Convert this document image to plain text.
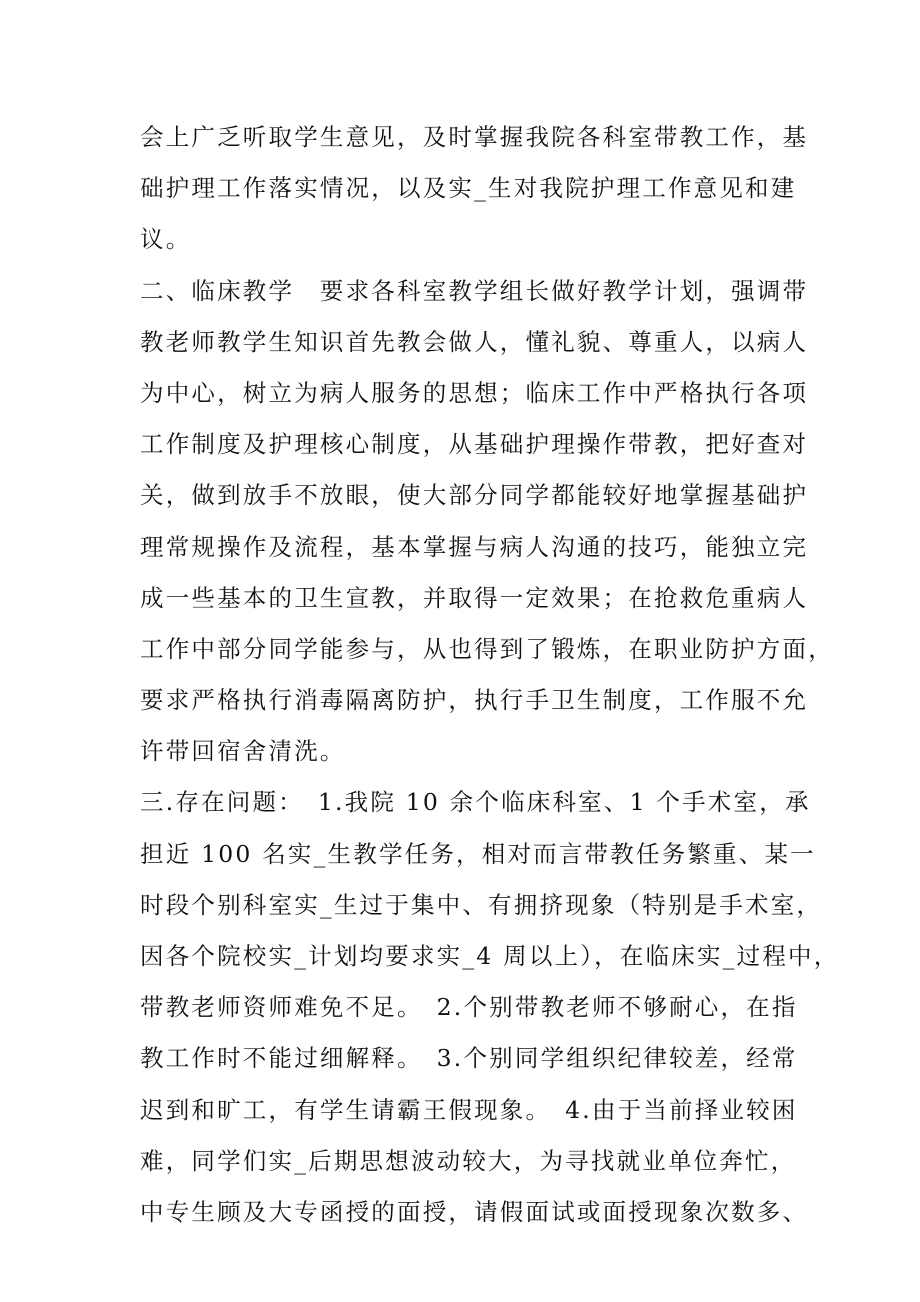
会上广乏听取学生意见，及时掌握我院各科室带教工作，基
础护理工作落实情况，以及实_生对我院护理工作意见和建
议。
二、临床教学　要求各科室教学组长做好教学计划，强调带
教老师教学生知识首先教会做人，懂礼貌、尊重人，以病人
为中心，树立为病人服务的思想；临床工作中严格执行各项
工作制度及护理核心制度，从基础护理操作带教，把好查对
关，做到放手不放眼，使大部分同学都能较好地掌握基础护
理常规操作及流程，基本掌握与病人沟通的技巧，能独立完
成一些基本的卫生宣教，并取得一定效果；在抢救危重病人
工作中部分同学能参与，从也得到了锻炼，在职业防护方面，
要求严格执行消毒隔离防护，执行手卫生制度，工作服不允
许带回宿舍清洗。
三.存在问题：　1.我院 10 余个临床科室、1 个手术室，承
担近 100 名实_生教学任务，相对而言带教任务繁重、某一
时段个别科室实_生过于集中、有拥挤现象（特别是手术室，
因各个院校实_计划均要求实_4 周以上），在临床实_过程中，
带教老师资师难免不足。　2.个别带教老师不够耐心，在指
教工作时不能过细解释。　3.个别同学组织纪律较差，经常
迟到和旷工，有学生请霸王假现象。　4.由于当前择业较困
难，同学们实_后期思想波动较大，为寻找就业单位奔忙，
中专生顾及大专函授的面授，请假面试或面授现象次数多、
